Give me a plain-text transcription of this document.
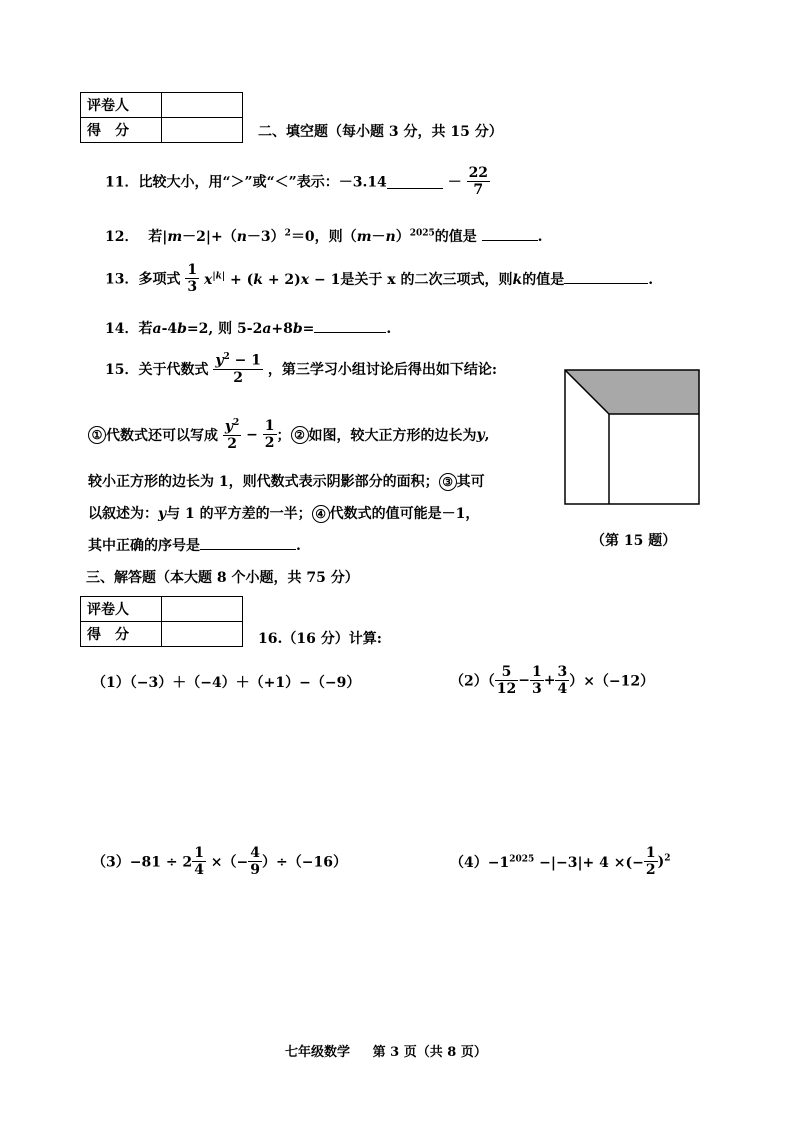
评卷人	
得　分		二、填空题（每小题 3 分，共 15 分）
11．比较大小，用“＞”或“＜”表示：－3.14	－ $\frac{22}{7}$
12． 若$|m-2|+(n-3)^2=0$，则$(m-n)^{2025}$的值是	.
13．多项式 $\frac{1}{3} x^{|k|} + (k + 2)x - 1$是关于 x 的二次三项式，则k的值是	.
14．若a-4b=2, 则 5-2a+8b=	.
15．关于代数式 $\frac{y^2 - 1}{2}$ ，第三学习小组讨论后得出如下结论:
① 代数式还可以写成 $\frac{y^2}{2} - \frac{1}{2}$ ； ② 如图，较大正方形的边长为y,
较小正方形的边长为 1，则代数式表示阴影部分的面积； ③ 其可
以叙述为：y与 1 的平方差的一半； ④ 代数式的值可能是－1，
其中正确的序号是	.	（第 15 题）
三、解答题（本大题 8 个小题，共 75 分）
评卷人	
得　分		16.（16 分）计算:
（1）（−3）＋（−4）＋（+1）−（−9）	$(2)( \frac{5}{12} - \frac{1}{3} + \frac{3}{4} )\times(-12)$
$(3)-81 \div 2 \frac{1}{4}$ ×（− $\frac{4}{9} )\div(-16)$	$(4)-1^{2025} -|-3|+ 4$ ×(− $\frac{1}{2} )^2$
七年级数学 第 3 页（共 8 页）
